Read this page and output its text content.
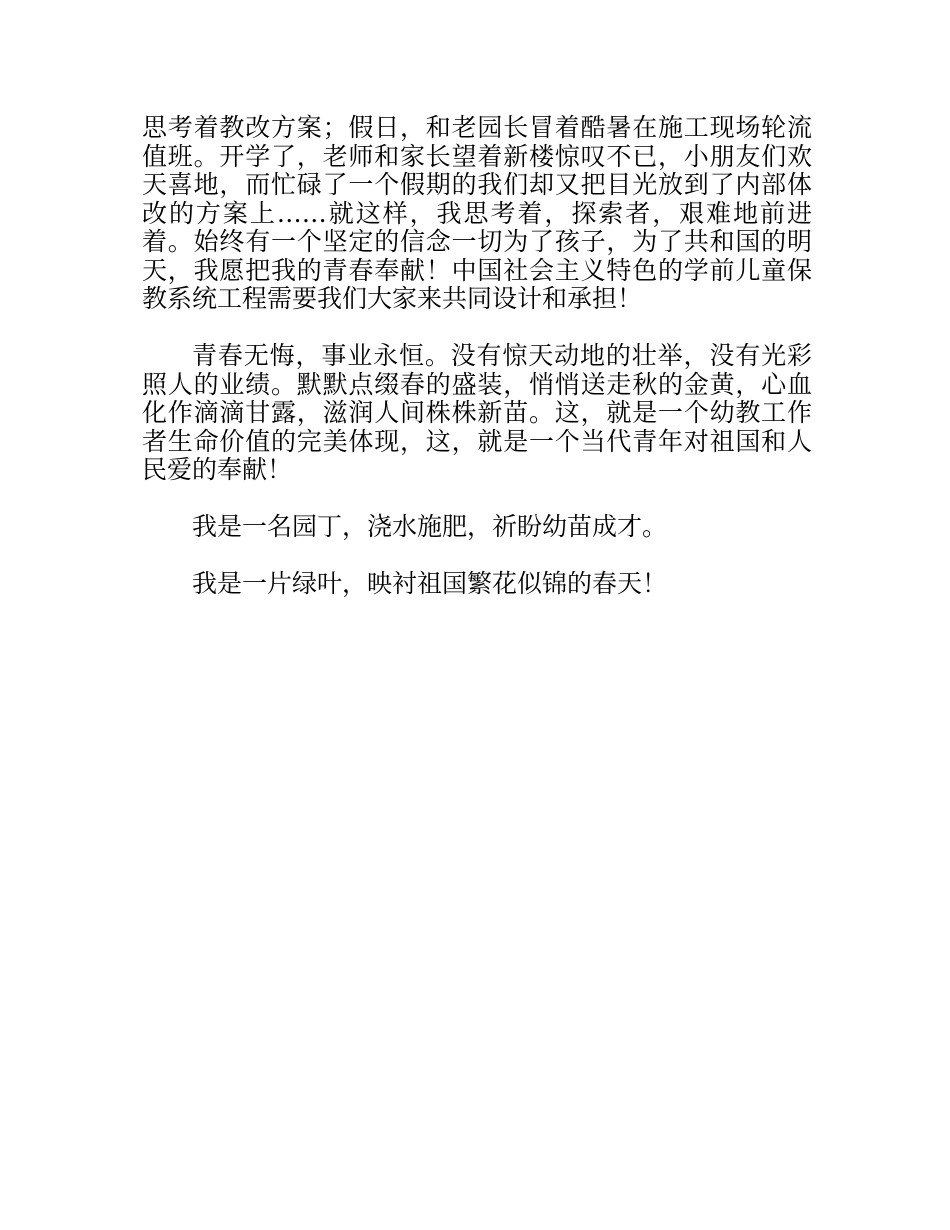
思考着教改方案；假日，和老园长冒着酷暑在施工现场轮流值班。开学了，老师和家长望着新楼惊叹不已，小朋友们欢天喜地，而忙碌了一个假期的我们却又把目光放到了内部体改的方案上……就这样，我思考着，探索者，艰难地前进着。始终有一个坚定的信念一切为了孩子，为了共和国的明天，我愿把我的青春奉献！中国社会主义特色的学前儿童保教系统工程需要我们大家来共同设计和承担！

青春无悔，事业永恒。没有惊天动地的壮举，没有光彩照人的业绩。默默点缀春的盛装，悄悄送走秋的金黄，心血化作滴滴甘露，滋润人间株株新苗。这，就是一个幼教工作者生命价值的完美体现，这，就是一个当代青年对祖国和人民爱的奉献！

我是一名园丁，浇水施肥，祈盼幼苗成才。

我是一片绿叶，映衬祖国繁花似锦的春天！
